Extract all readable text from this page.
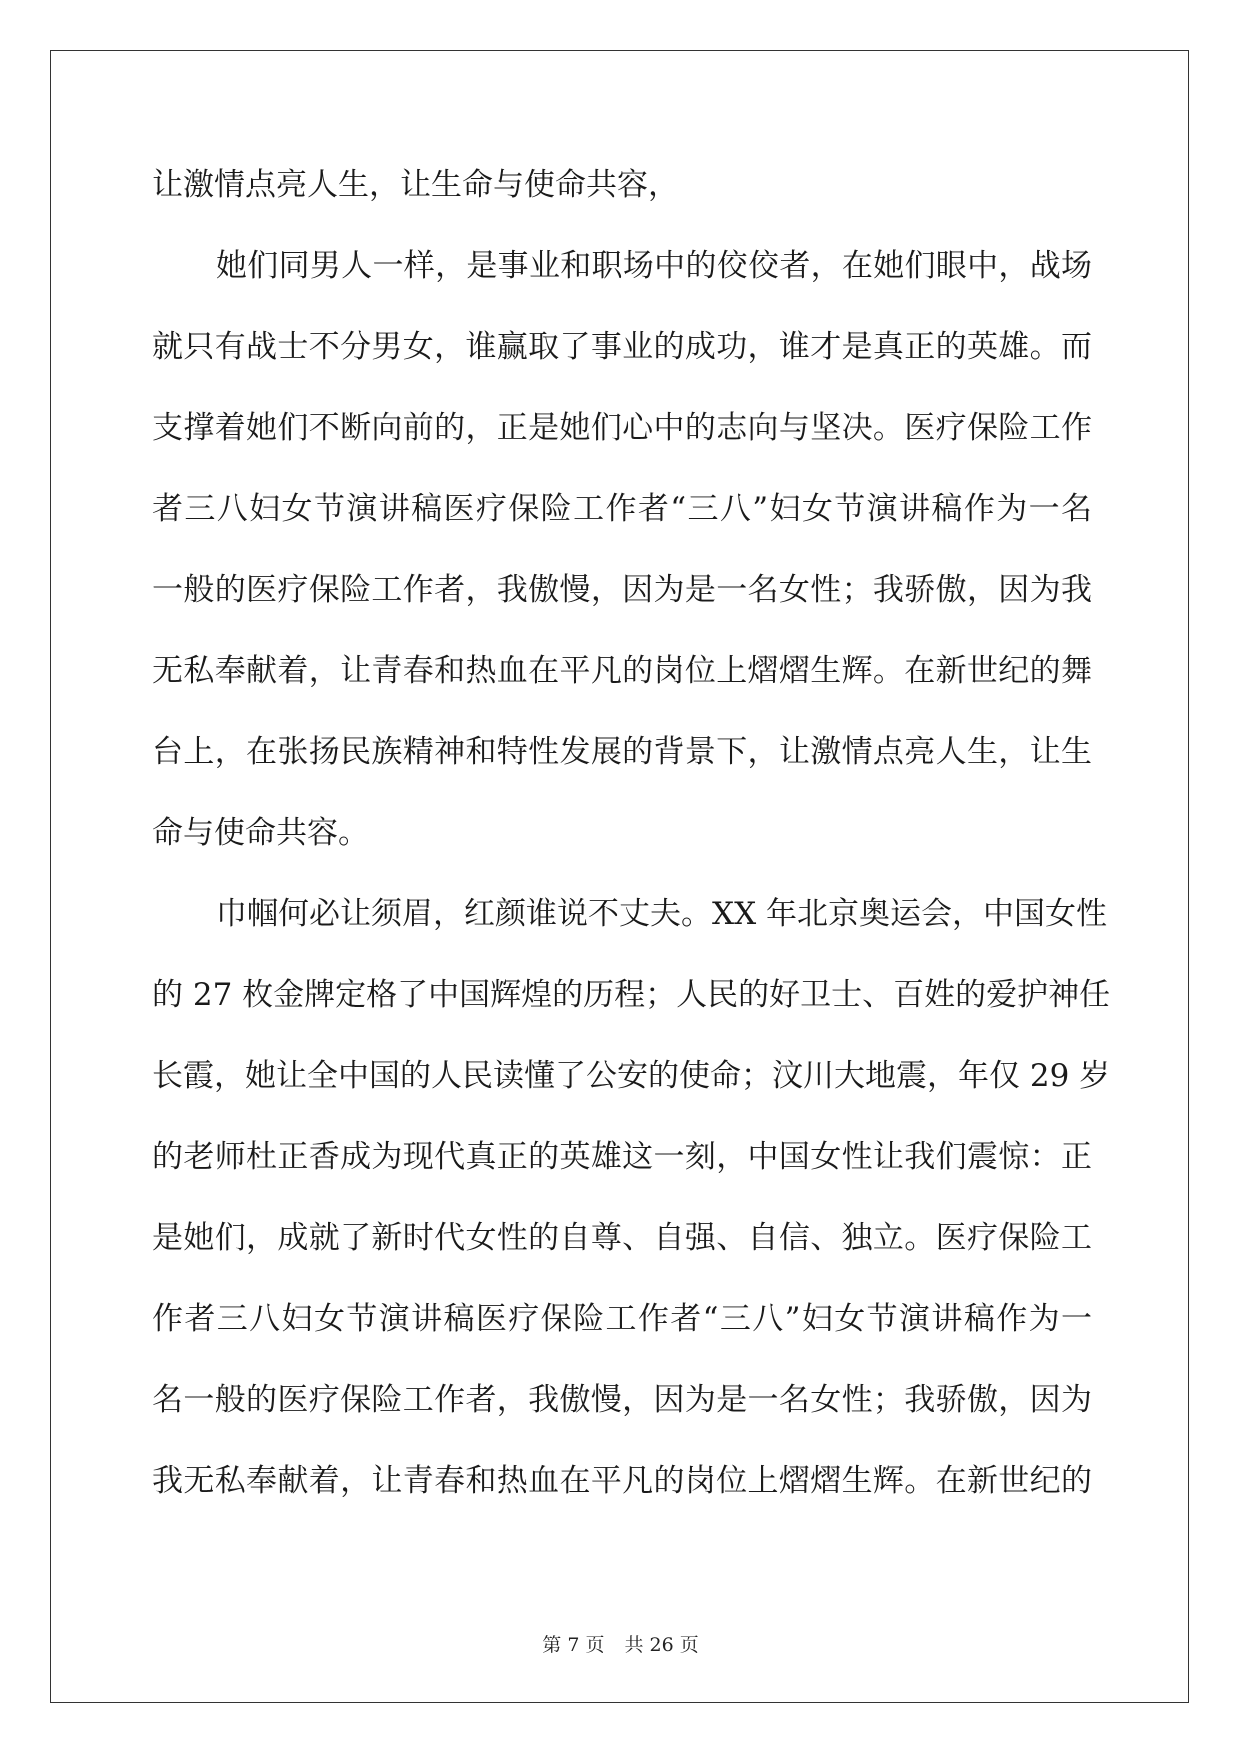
让激情点亮人生，让生命与使命共容，
她们同男人一样，是事业和职场中的佼佼者，在她们眼中，战场
就只有战士不分男女，谁赢取了事业的成功，谁才是真正的英雄。而
支撑着她们不断向前的，正是她们心中的志向与坚决。医疗保险工作
者三八妇女节演讲稿医疗保险工作者“三八”妇女节演讲稿作为一名
一般的医疗保险工作者，我傲慢，因为是一名女性；我骄傲，因为我
无私奉献着，让青春和热血在平凡的岗位上熠熠生辉。在新世纪的舞
台上，在张扬民族精神和特性发展的背景下，让激情点亮人生，让生
命与使命共容。
巾帼何必让须眉，红颜谁说不丈夫。XX 年北京奥运会，中国女性
的 27 枚金牌定格了中国辉煌的历程；人民的好卫士、百姓的爱护神任
长霞，她让全中国的人民读懂了公安的使命；汶川大地震，年仅 29 岁
的老师杜正香成为现代真正的英雄这一刻，中国女性让我们震惊：正
是她们，成就了新时代女性的自尊、自强、自信、独立。医疗保险工
作者三八妇女节演讲稿医疗保险工作者“三八”妇女节演讲稿作为一
名一般的医疗保险工作者，我傲慢，因为是一名女性；我骄傲，因为
我无私奉献着，让青春和热血在平凡的岗位上熠熠生辉。在新世纪的
第 7 页 共 26 页
